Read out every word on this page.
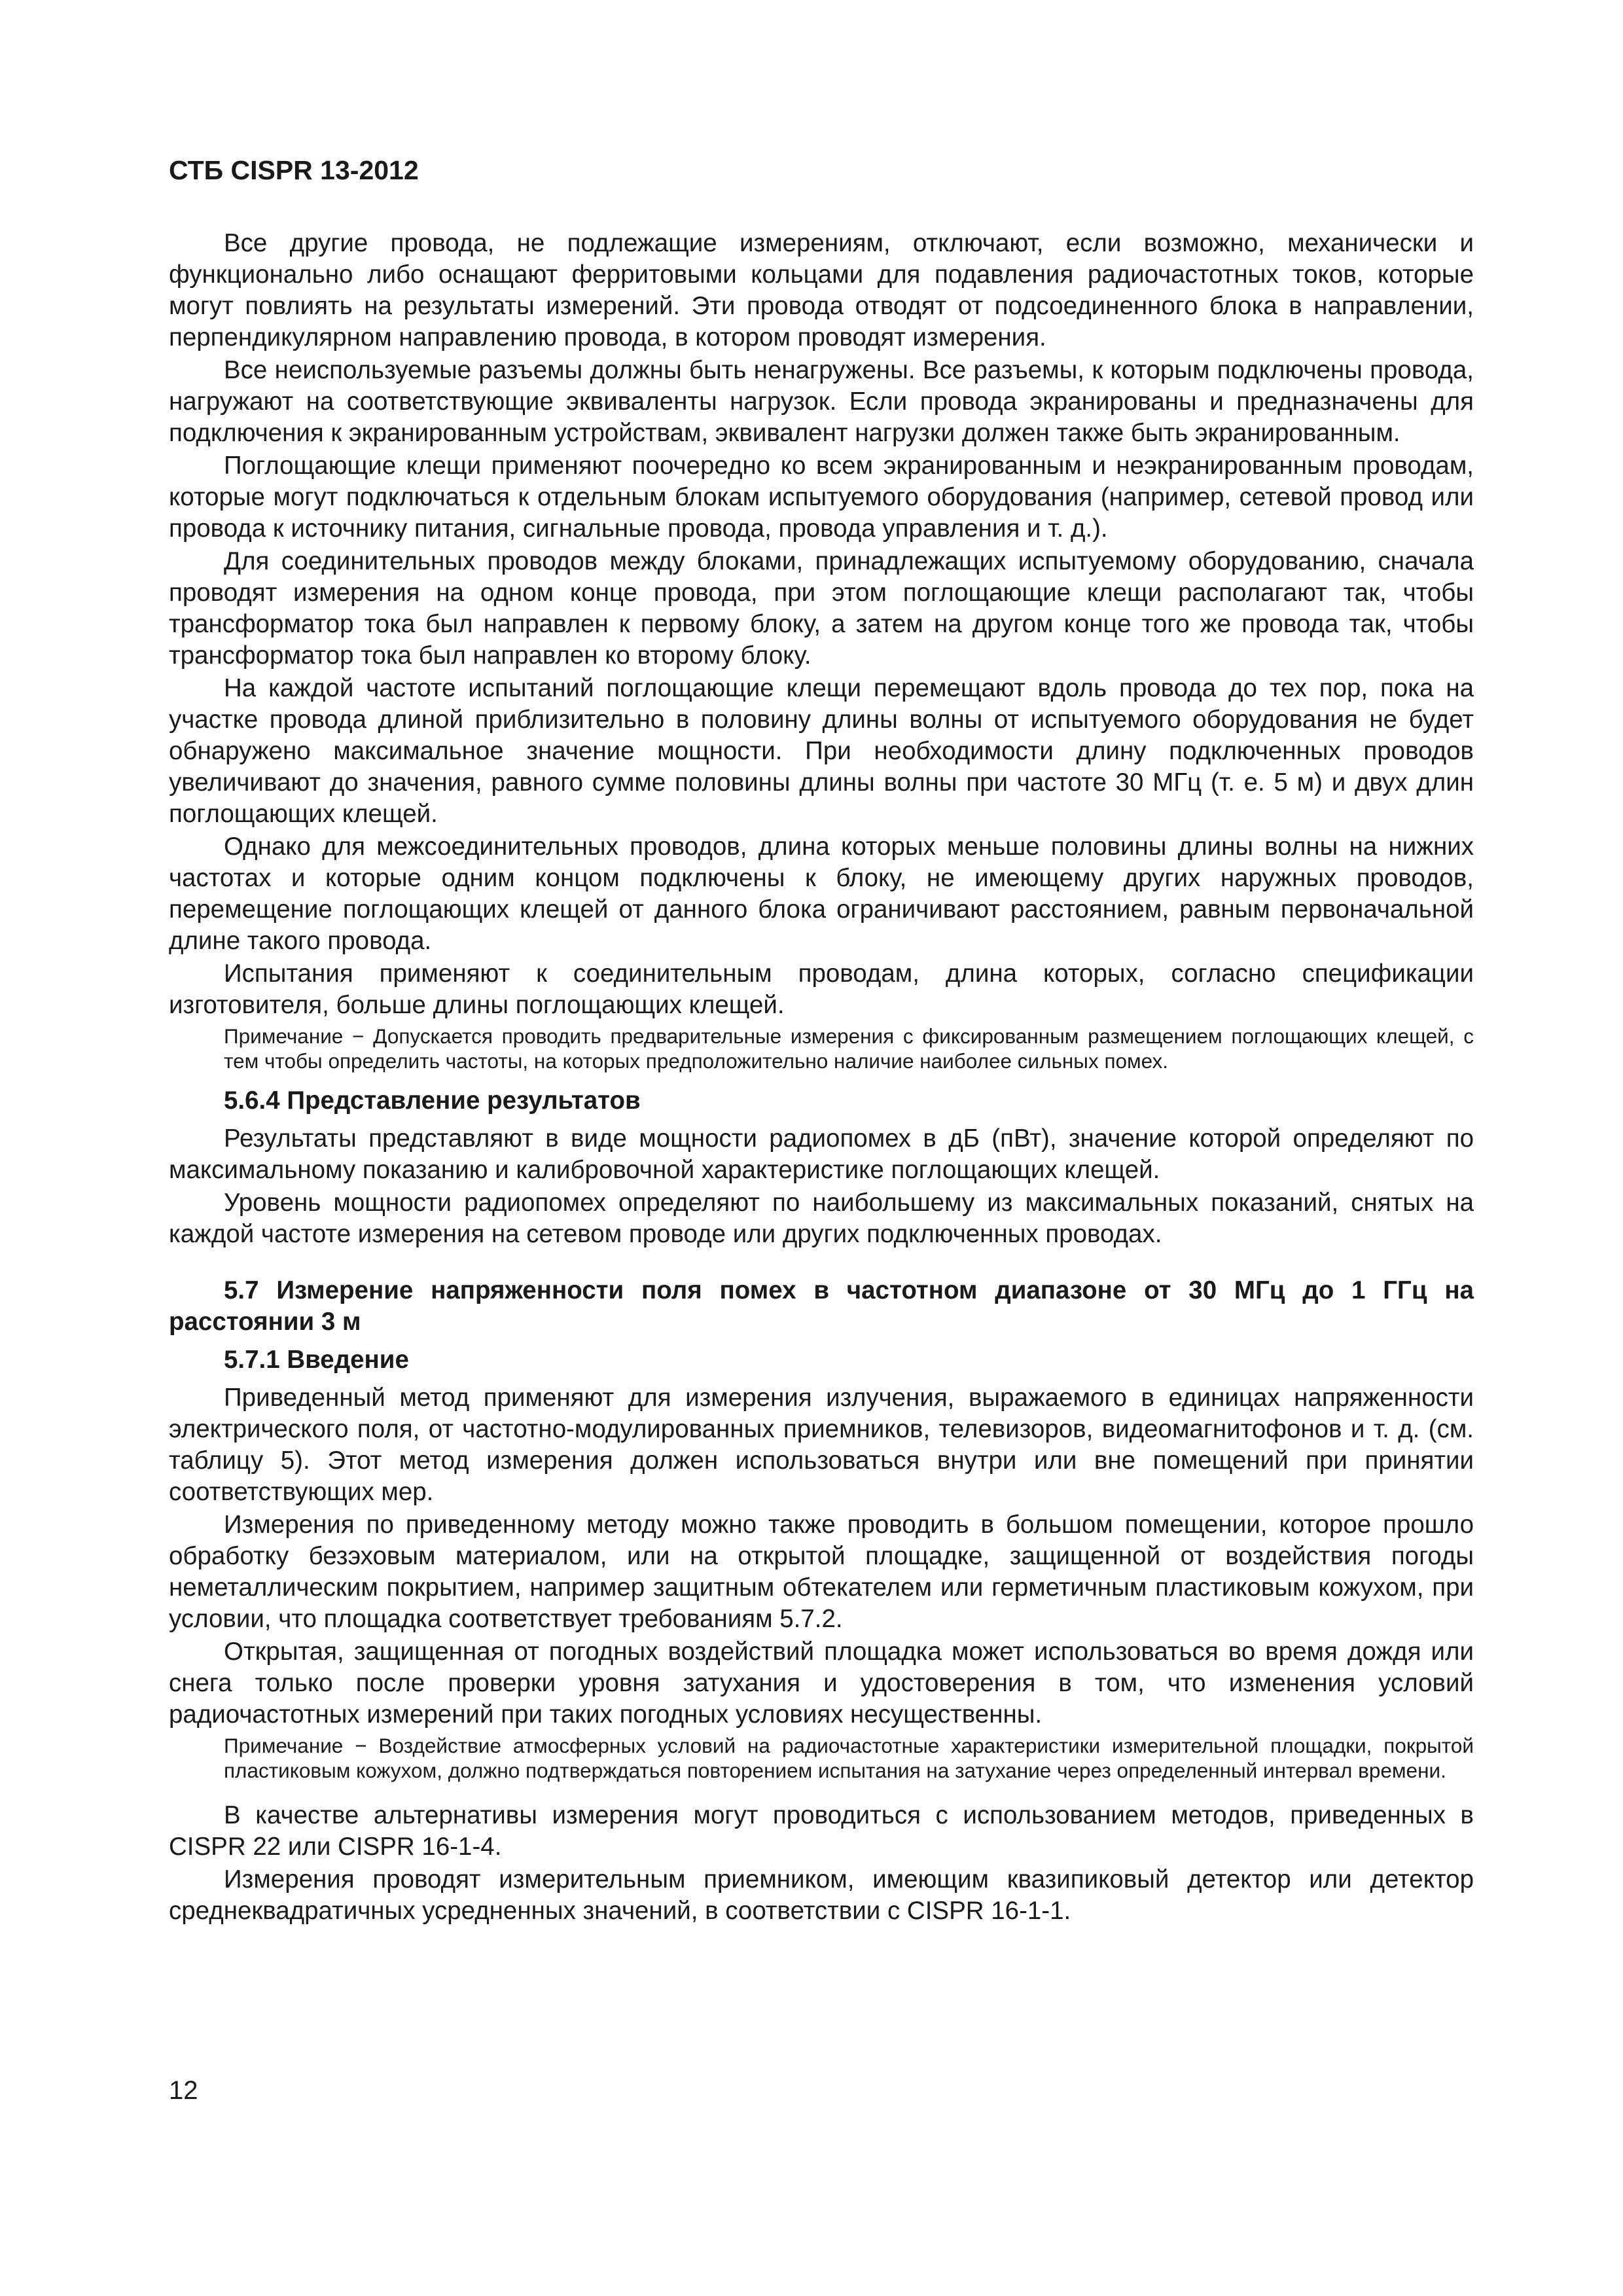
СТБ CISPR 13-2012

Все другие провода, не подлежащие измерениям, отключают, если возможно, механически и функционально либо оснащают ферритовыми кольцами для подавления радиочастотных токов, которые могут повлиять на результаты измерений. Эти провода отводят от подсоединенного блока в направлении, перпендикулярном направлению провода, в котором проводят измерения.

Все неиспользуемые разъемы должны быть ненагружены. Все разъемы, к которым подключены провода, нагружают на соответствующие эквиваленты нагрузок. Если провода экранированы и предназначены для подключения к экранированным устройствам, эквивалент нагрузки должен также быть экранированным.

Поглощающие клещи применяют поочередно ко всем экранированным и неэкранированным проводам, которые могут подключаться к отдельным блокам испытуемого оборудования (например, сетевой провод или провода к источнику питания, сигнальные провода, провода управления и т. д.).

Для соединительных проводов между блоками, принадлежащих испытуемому оборудованию, сначала проводят измерения на одном конце провода, при этом поглощающие клещи располагают так, чтобы трансформатор тока был направлен к первому блоку, а затем на другом конце того же провода так, чтобы трансформатор тока был направлен ко второму блоку.

На каждой частоте испытаний поглощающие клещи перемещают вдоль провода до тех пор, пока на участке провода длиной приблизительно в половину длины волны от испытуемого оборудования не будет обнаружено максимальное значение мощности. При необходимости длину подключенных проводов увеличивают до значения, равного сумме половины длины волны при частоте 30 МГц (т. е. 5 м) и двух длин поглощающих клещей.

Однако для межсоединительных проводов, длина которых меньше половины длины волны на нижних частотах и которые одним концом подключены к блоку, не имеющему других наружных проводов, перемещение поглощающих клещей от данного блока ограничивают расстоянием, равным первоначальной длине такого провода.

Испытания применяют к соединительным проводам, длина которых, согласно спецификации изготовителя, больше длины поглощающих клещей.

Примечание − Допускается проводить предварительные измерения с фиксированным размещением поглощающих клещей, с тем чтобы определить частоты, на которых предположительно наличие наиболее сильных помех.

5.6.4 Представление результатов

Результаты представляют в виде мощности радиопомех в дБ (пВт), значение которой определяют по максимальному показанию и калибровочной характеристике поглощающих клещей.

Уровень мощности радиопомех определяют по наибольшему из максимальных показаний, снятых на каждой частоте измерения на сетевом проводе или других подключенных проводах.

5.7 Измерение напряженности поля помех в частотном диапазоне от 30 МГц до 1 ГГц на расстоянии 3 м
5.7.1 Введение

Приведенный метод применяют для измерения излучения, выражаемого в единицах напряженности электрического поля, от частотно-модулированных приемников, телевизоров, видеомагнитофонов и т. д. (см. таблицу 5). Этот метод измерения должен использоваться внутри или вне помещений при принятии соответствующих мер.

Измерения по приведенному методу можно также проводить в большом помещении, которое прошло обработку безэховым материалом, или на открытой площадке, защищенной от воздействия погоды неметаллическим покрытием, например защитным обтекателем или герметичным пластиковым кожухом, при условии, что площадка соответствует требованиям 5.7.2.

Открытая, защищенная от погодных воздействий площадка может использоваться во время дождя или снега только после проверки уровня затухания и удостоверения в том, что изменения условий радиочастотных измерений при таких погодных условиях несущественны.

Примечание − Воздействие атмосферных условий на радиочастотные характеристики измерительной площадки, покрытой пластиковым кожухом, должно подтверждаться повторением испытания на затухание через определенный интервал времени.

В качестве альтернативы измерения могут проводиться с использованием методов, приведенных в CISPR 22 или CISPR 16-1-4.

Измерения проводят измерительным приемником, имеющим квазипиковый детектор или детектор среднеквадратичных усредненных значений, в соответствии с CISPR 16-1-1.

12
